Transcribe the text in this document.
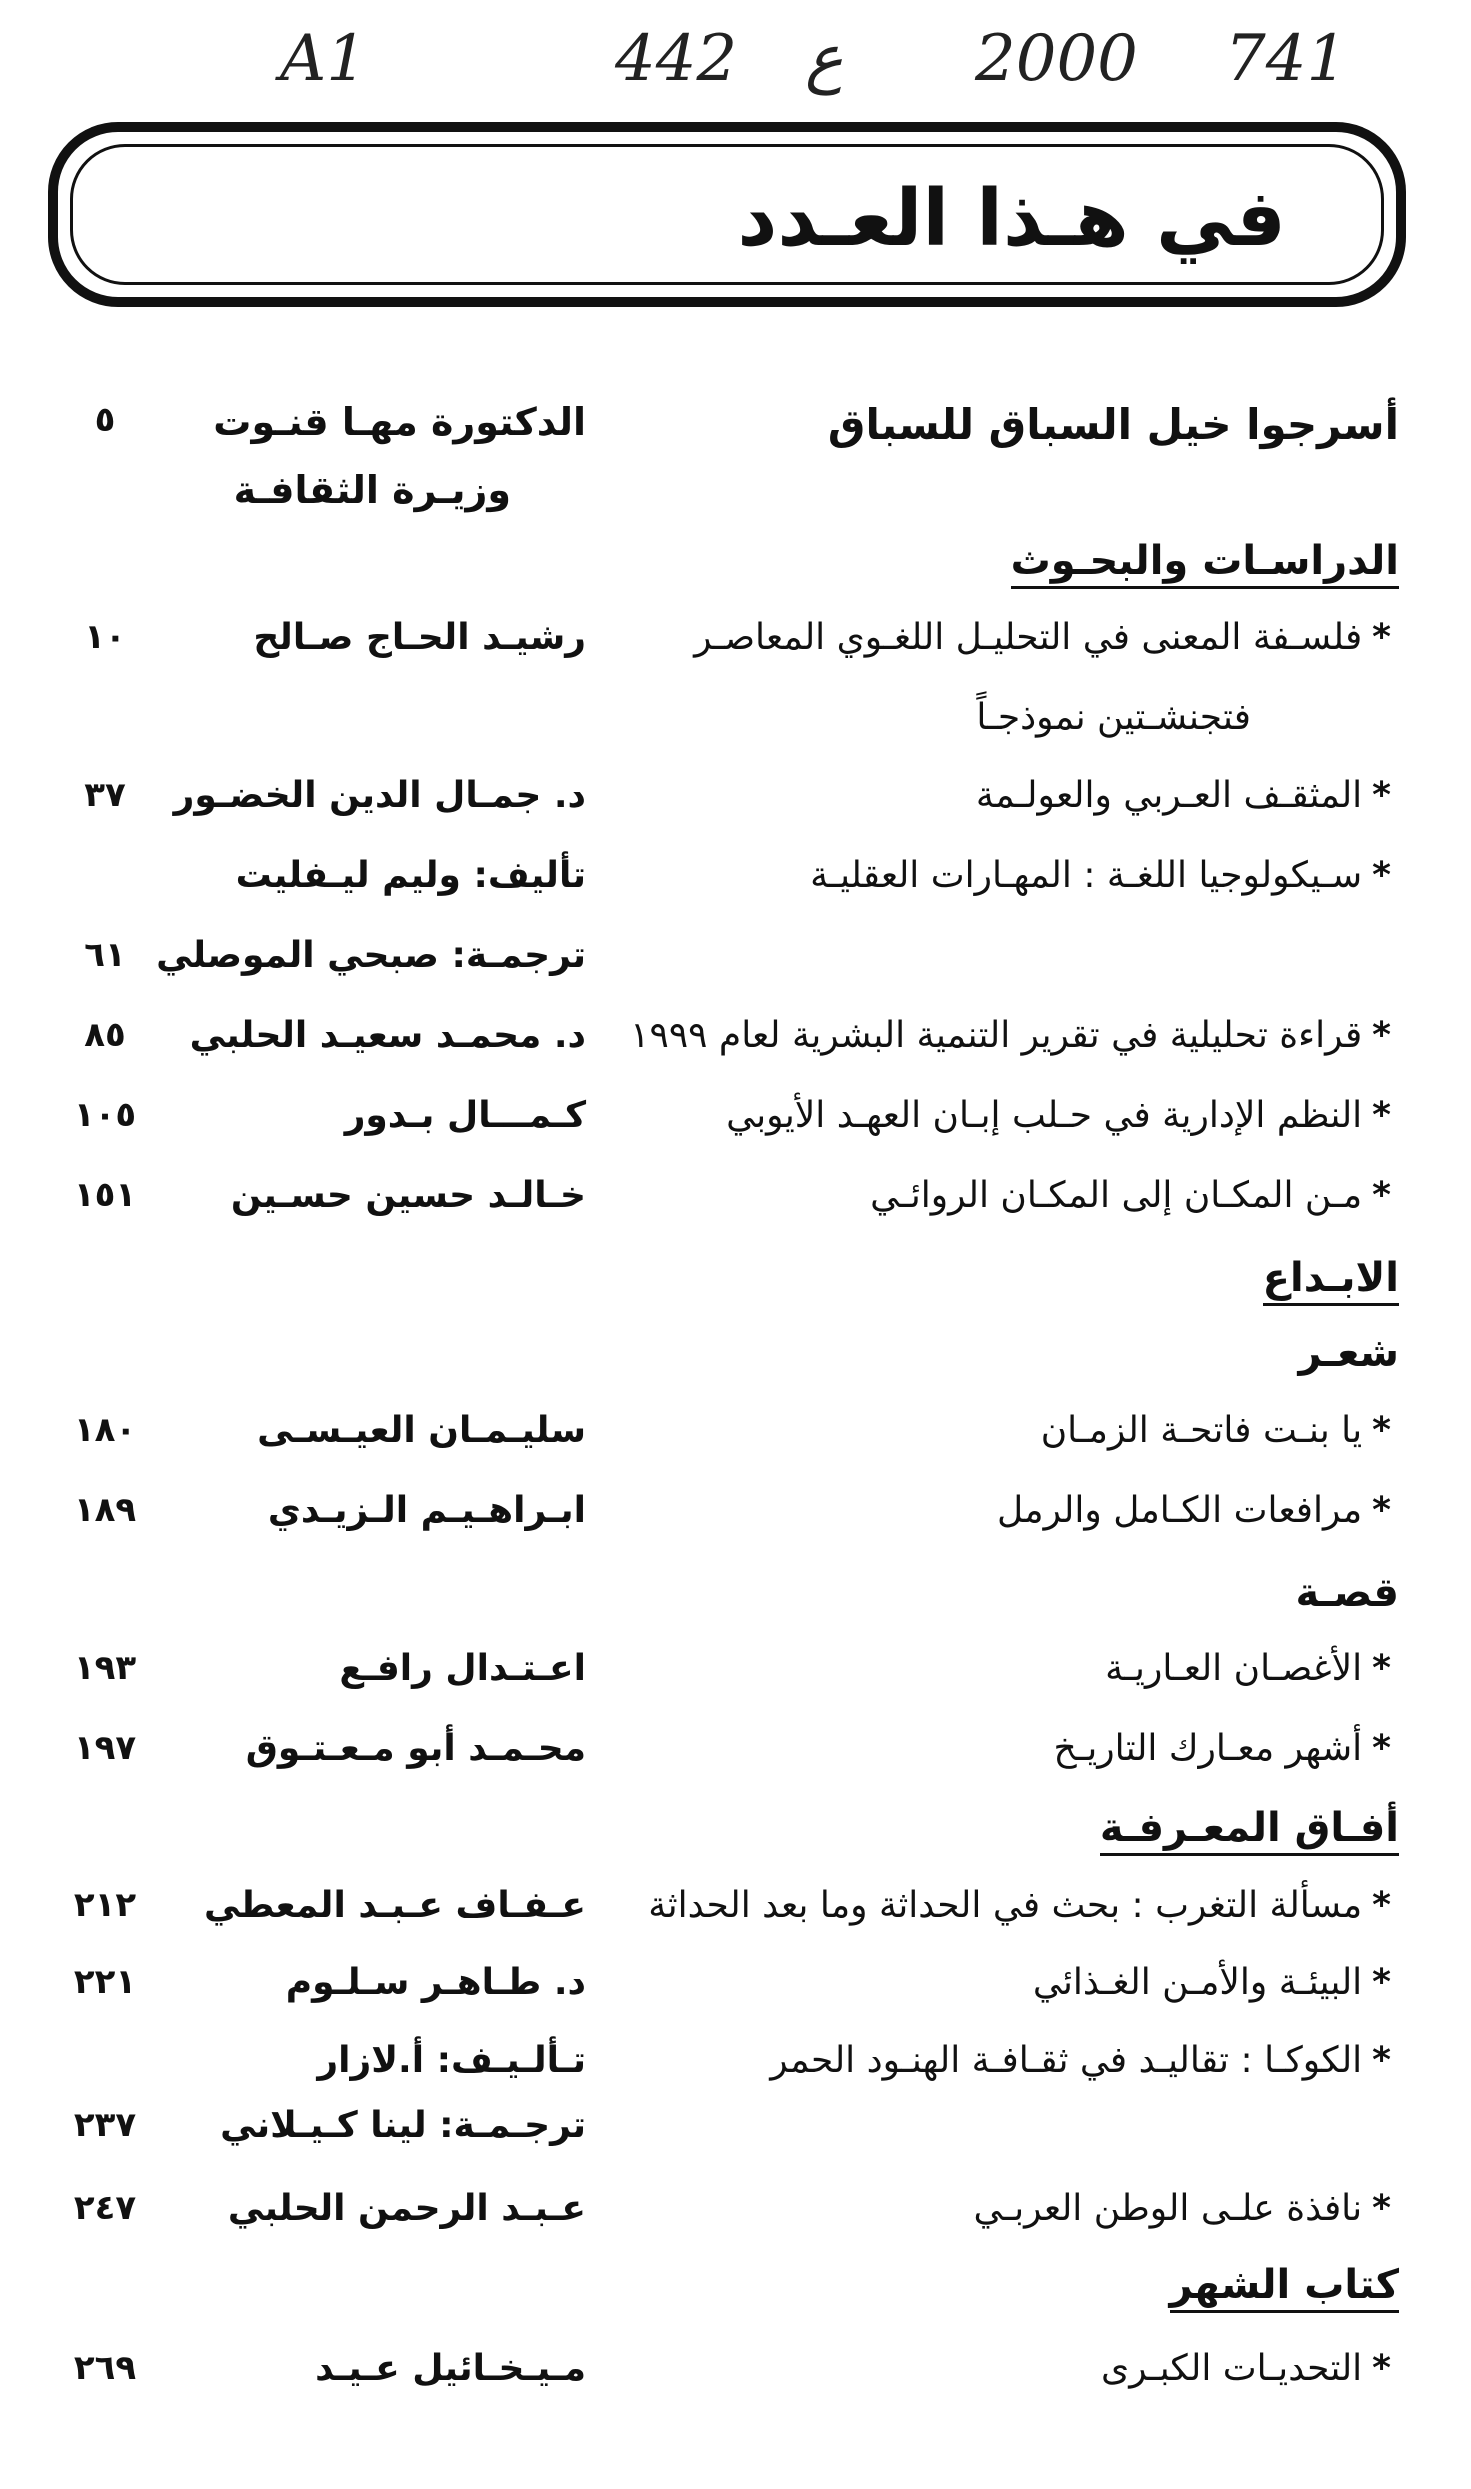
A1	442 ع 2000 741
في هـذا العـدد
أسرجوا خيل السباق للسباق
الدكتورة مهـا قنـوت
وزيـرة الثقافـة
٥
الدراسـات والبحـوث
*فلسـفة المعنى في التحليـل اللغـوي المعاصـر
رشيـد الحـاج صـالح
١٠
فتجنشـتين نموذجـاً
*المثقـف العـربي والعولـمة
د. جمـال الدين الخضـور
٣٧
*سـيكولوجيا اللغـة : المهـارات العقليـة
تأليف: وليم ليـفليت
ترجمـة: صبحي الموصلي
٦١
*قراءة تحليلية في تقرير التنمية البشرية لعام ١٩٩٩
د. محمـد سعيـد الحلبي
٨٥
*النظم الإدارية في حـلب إبـان العهـد الأيوبي
كـمـــال بـدور
١٠٥
*مـن المكـان إلى المكـان الروائـي
خـالـد حسين حسـين
١٥١
الابـداع
شعـر
*يا بنـت فاتحـة الزمـان
سليـمـان العيـسـى
١٨٠
*مرافعات الكـامل والرمل
ابـراهـيـم الـزيـدي
١٨٩
قصـة
*الأغصـان العـاريـة
اعـتـدال رافـع
١٩٣
*أشهر معـارك التاريـخ
محـمـد أبو مـعـتـوق
١٩٧
أفـاق المعـرفـة
*مسألة التغرب : بحث في الحداثة وما بعد الحداثة
عـفـاف عـبـد المعطي
٢١٢
*البيئـة والأمـن الغـذائي
د. طـاهـر سـلـوم
٢٢١
*الكوكـا : تقاليـد في ثقـافـة الهنـود الحمر
تـألـيـف: أ.لازار
ترجـمـة: لينا كـيـلاني
٢٣٧
*نافذة علـى الوطن العربـي
عـبـد الرحمن الحلبي
٢٤٧
كتاب الشهر
*التحديـات الكبـرى
مـيـخـائيل عـيـد
٢٦٩
